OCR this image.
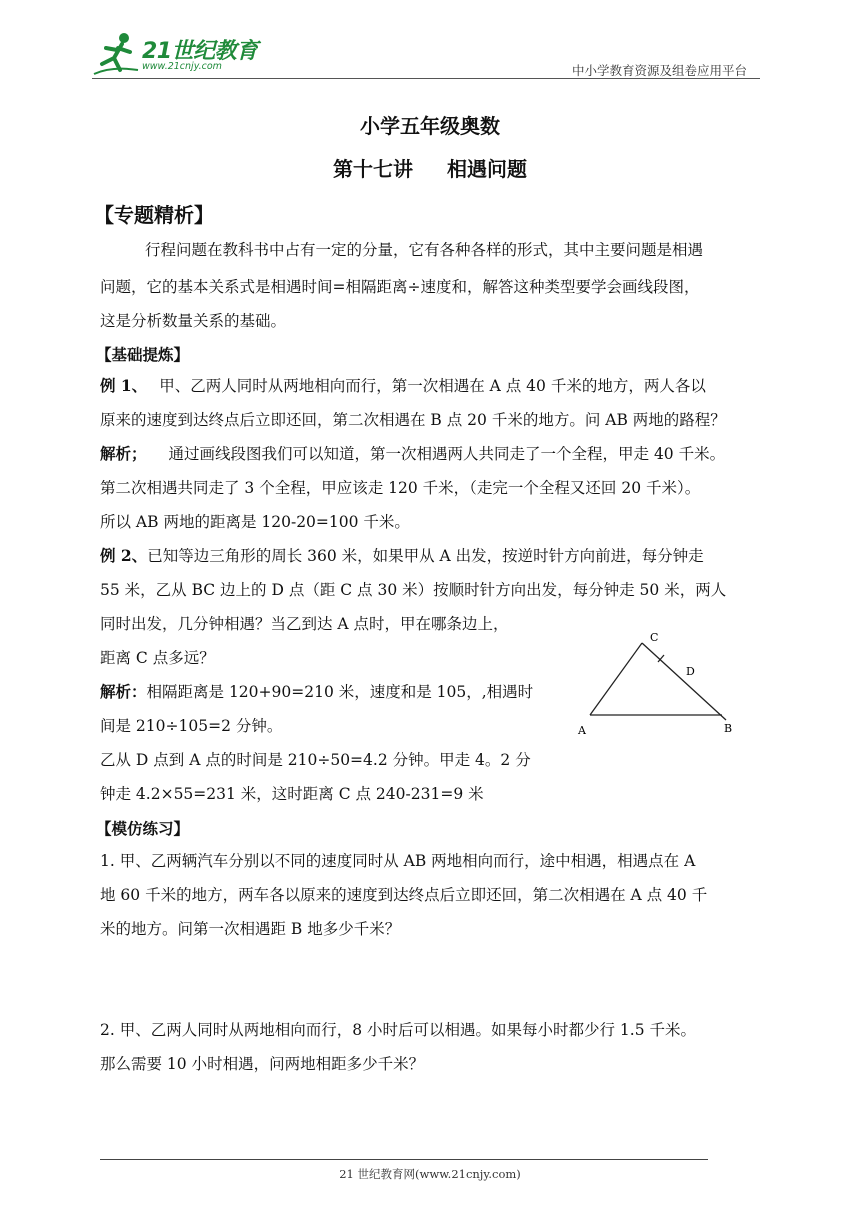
21世纪教育
www.21cnjy.com	中小学教育资源及组卷应用平台
小学五年级奥数
第十七讲 相遇问题
【专题精析】
行程问题在教科书中占有一定的分量，它有各种各样的形式，其中主要问题是相遇
问题，它的基本关系式是相遇时间=相隔距离÷速度和，解答这种类型要学会画线段图，
这是分析数量关系的基础。
【基础提炼】
例 1、 甲、乙两人同时从两地相向而行，第一次相遇在 A 点 40 千米的地方，两人各以
原来的速度到达终点后立即还回，第二次相遇在 B 点 20 千米的地方。问 AB 两地的路程？
解析； 通过画线段图我们可以知道，第一次相遇两人共同走了一个全程，甲走 40 千米。
第二次相遇共同走了 3 个全程，甲应该走 120 千米，（走完一个全程又还回 20 千米）。
所以 AB 两地的距离是 120-20=100 千米。
例 2、已知等边三角形的周长 360 米，如果甲从 A 出发，按逆时针方向前进，每分钟走
55 米，乙从 BC 边上的 D 点（距 C 点 30 米）按顺时针方向出发，每分钟走 50 米，两人
同时出发，几分钟相遇？当乙到达 A 点时，甲在哪条边上，
距离 C 点多远？
解析：相隔距离是 120+90=210 米，速度和是 105，,相遇时
间是 210÷105=2 分钟。
乙从 D 点到 A 点的时间是 210÷50=4.2 分钟。甲走 4。2 分
钟走 4.2×55=231 米，这时距离 C 点 240-231=9 米
C
D
A	B
【模仿练习】
1. 甲、乙两辆汽车分别以不同的速度同时从 AB 两地相向而行，途中相遇，相遇点在 A
地 60 千米的地方，两车各以原来的速度到达终点后立即还回，第二次相遇在 A 点 40 千
米的地方。问第一次相遇距 B 地多少千米？
2. 甲、乙两人同时从两地相向而行，8 小时后可以相遇。如果每小时都少行 1.5 千米。
那么需要 10 小时相遇，问两地相距多少千米？
21 世纪教育网(www.21cnjy.com)
